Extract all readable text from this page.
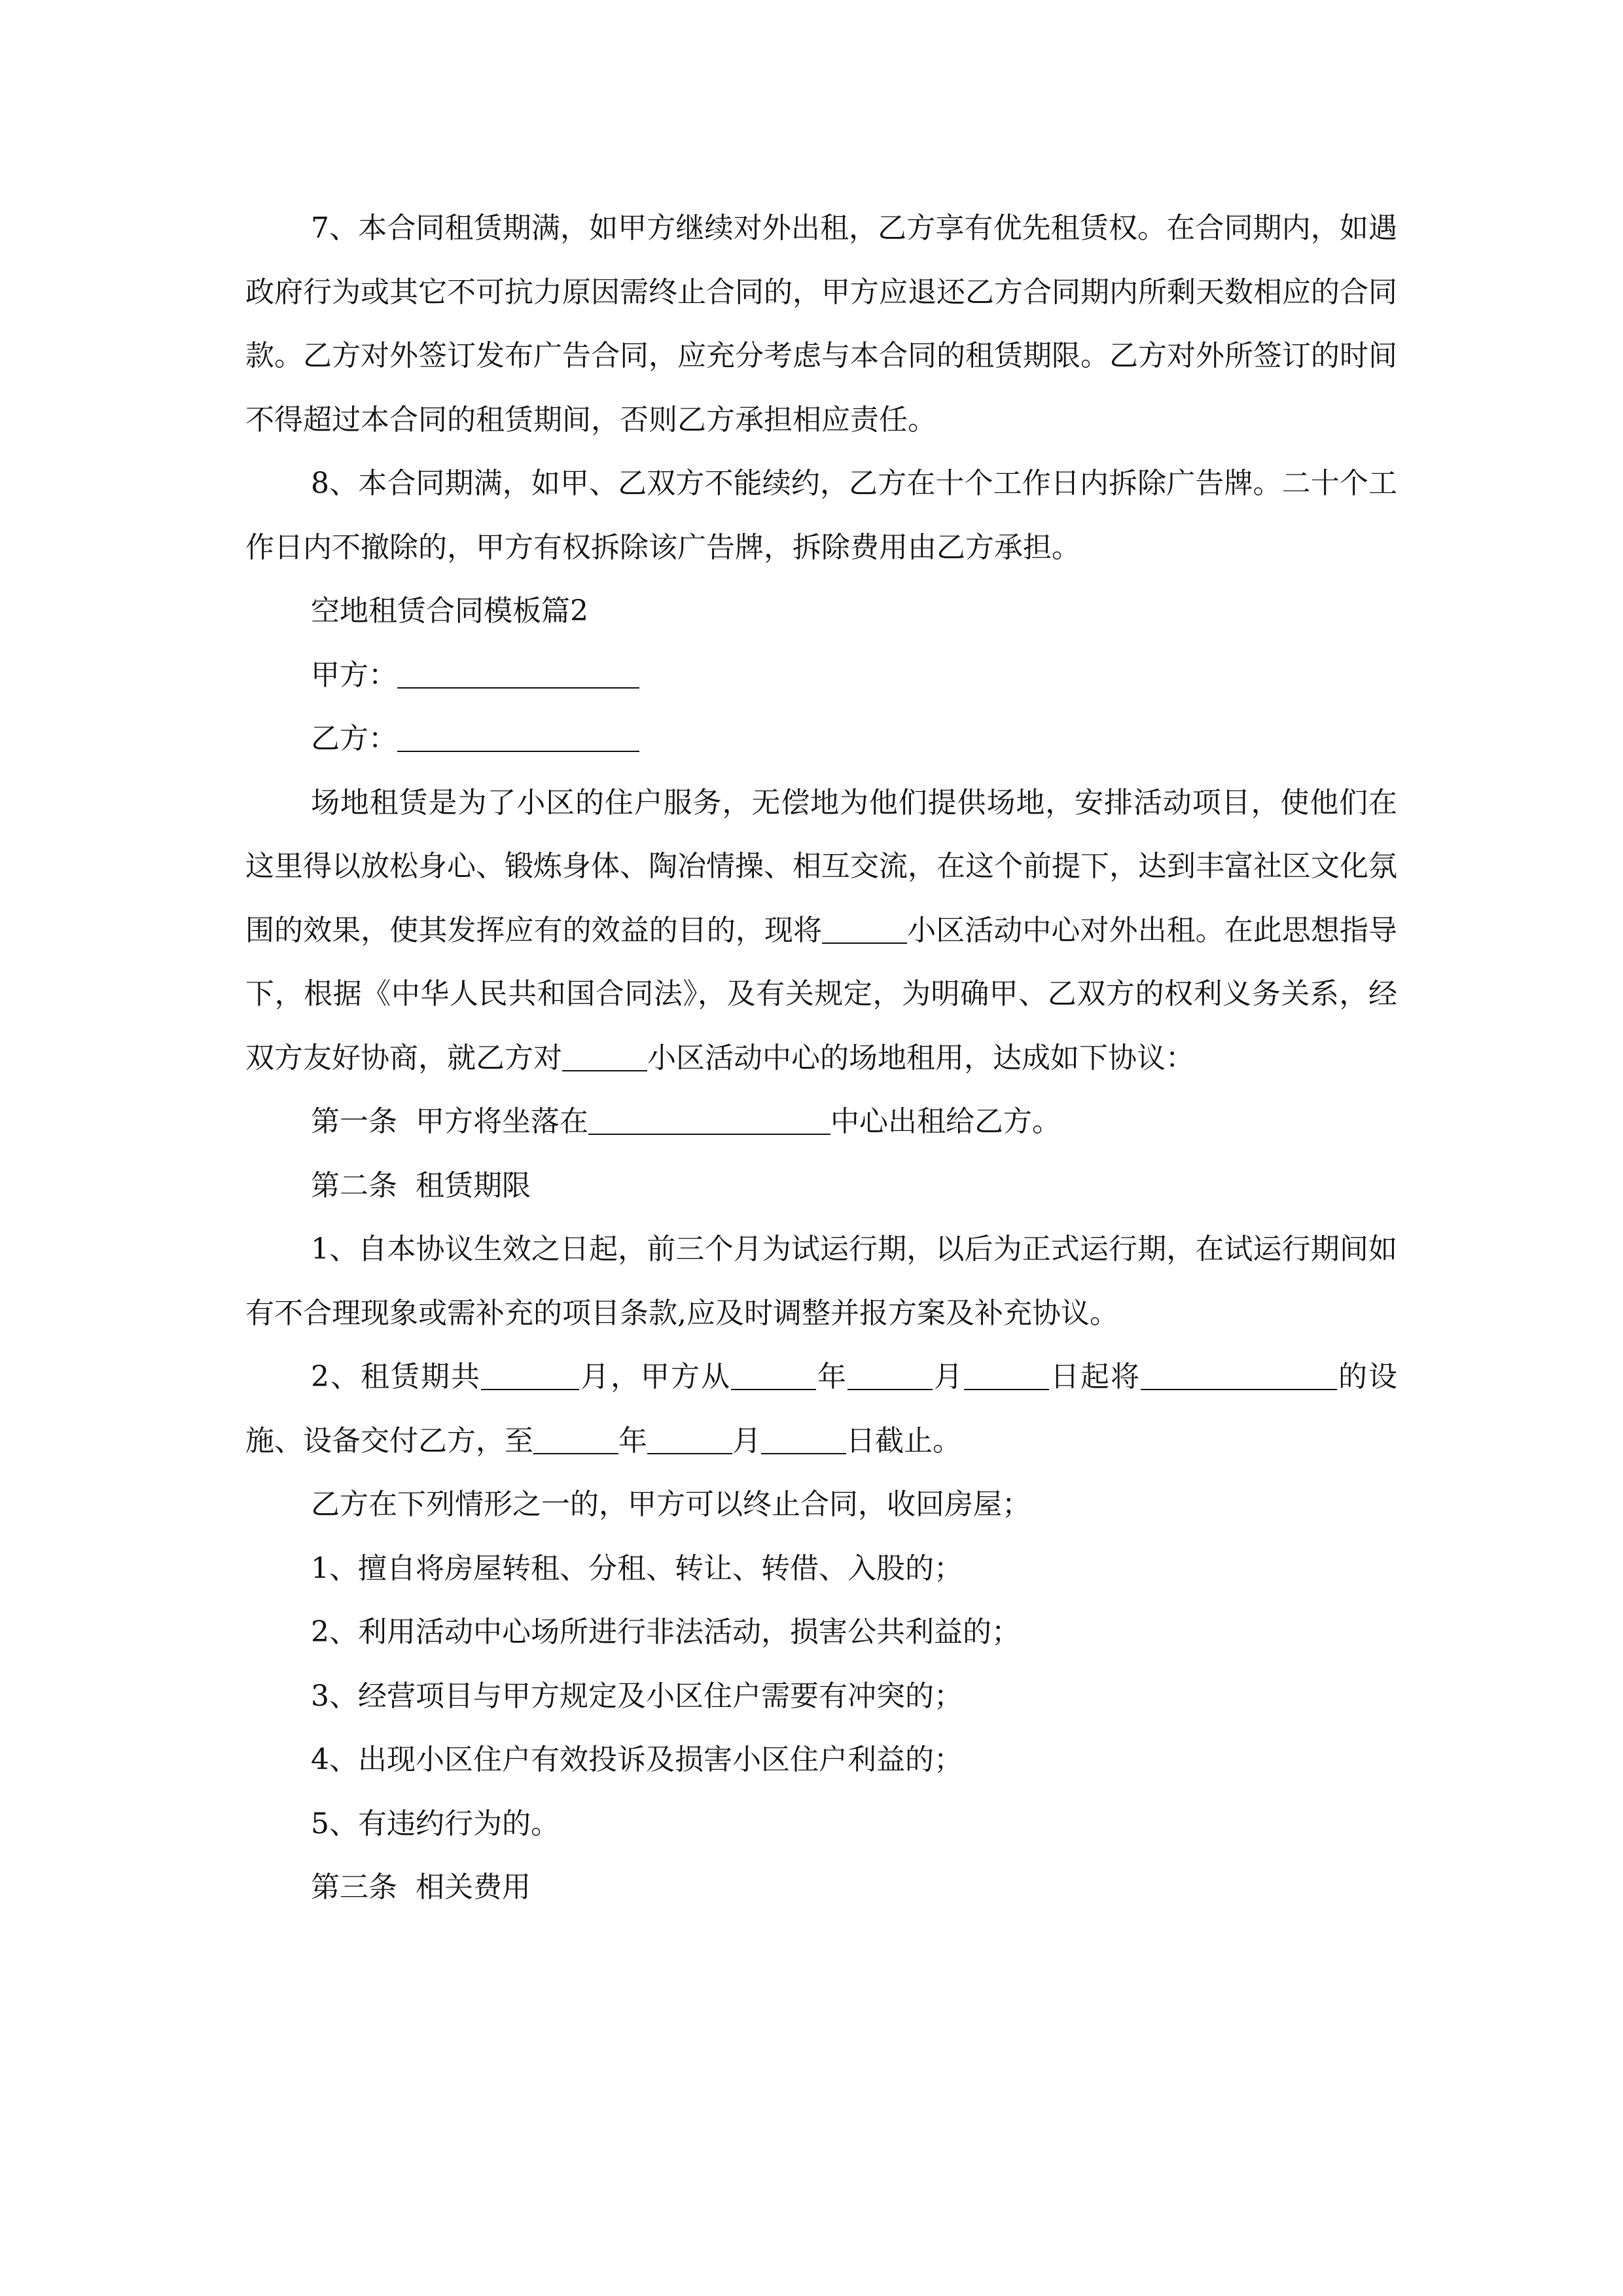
7、本合同租赁期满，如甲方继续对外出租，乙方享有优先租赁权。在合同期内，如遇政府行为或其它不可抗力原因需终止合同的，甲方应退还乙方合同期内所剩天数相应的合同款。乙方对外签订发布广告合同，应充分考虑与本合同的租赁期限。乙方对外所签订的时间不得超过本合同的租赁期间，否则乙方承担相应责任。

8、本合同期满，如甲、乙双方不能续约，乙方在十个工作日内拆除广告牌。二十个工作日内不撤除的，甲方有权拆除该广告牌，拆除费用由乙方承担。

空地租赁合同模板篇2

甲方：

乙方：

场地租赁是为了小区的住户服务，无偿地为他们提供场地，安排活动项目，使他们在这里得以放松身心、锻炼身体、陶冶情操、相互交流，在这个前提下，达到丰富社区文化氛围的效果，使其发挥应有的效益的目的，现将	小区活动中心对外出租。在此思想指导下，根据《中华人民共和国合同法》，及有关规定，为明确甲、乙双方的权利义务关系，经双方友好协商，就乙方对	小区活动中心的场地租用，达成如下协议：

第一条  甲方将坐落在	中心出租给乙方。

第二条  租赁期限

1、自本协议生效之日起，前三个月为试运行期，以后为正式运行期，在试运行期间如有不合理现象或需补充的项目条款,应及时调整并报方案及补充协议。

2、租赁期共	月，甲方从	年	月	日起将	的设施、设备交付乙方，至	年	月	日截止。

乙方在下列情形之一的，甲方可以终止合同，收回房屋；

1、擅自将房屋转租、分租、转让、转借、入股的；

2、利用活动中心场所进行非法活动，损害公共利益的；

3、经营项目与甲方规定及小区住户需要有冲突的；

4、出现小区住户有效投诉及损害小区住户利益的；

5、有违约行为的。

第三条  相关费用
